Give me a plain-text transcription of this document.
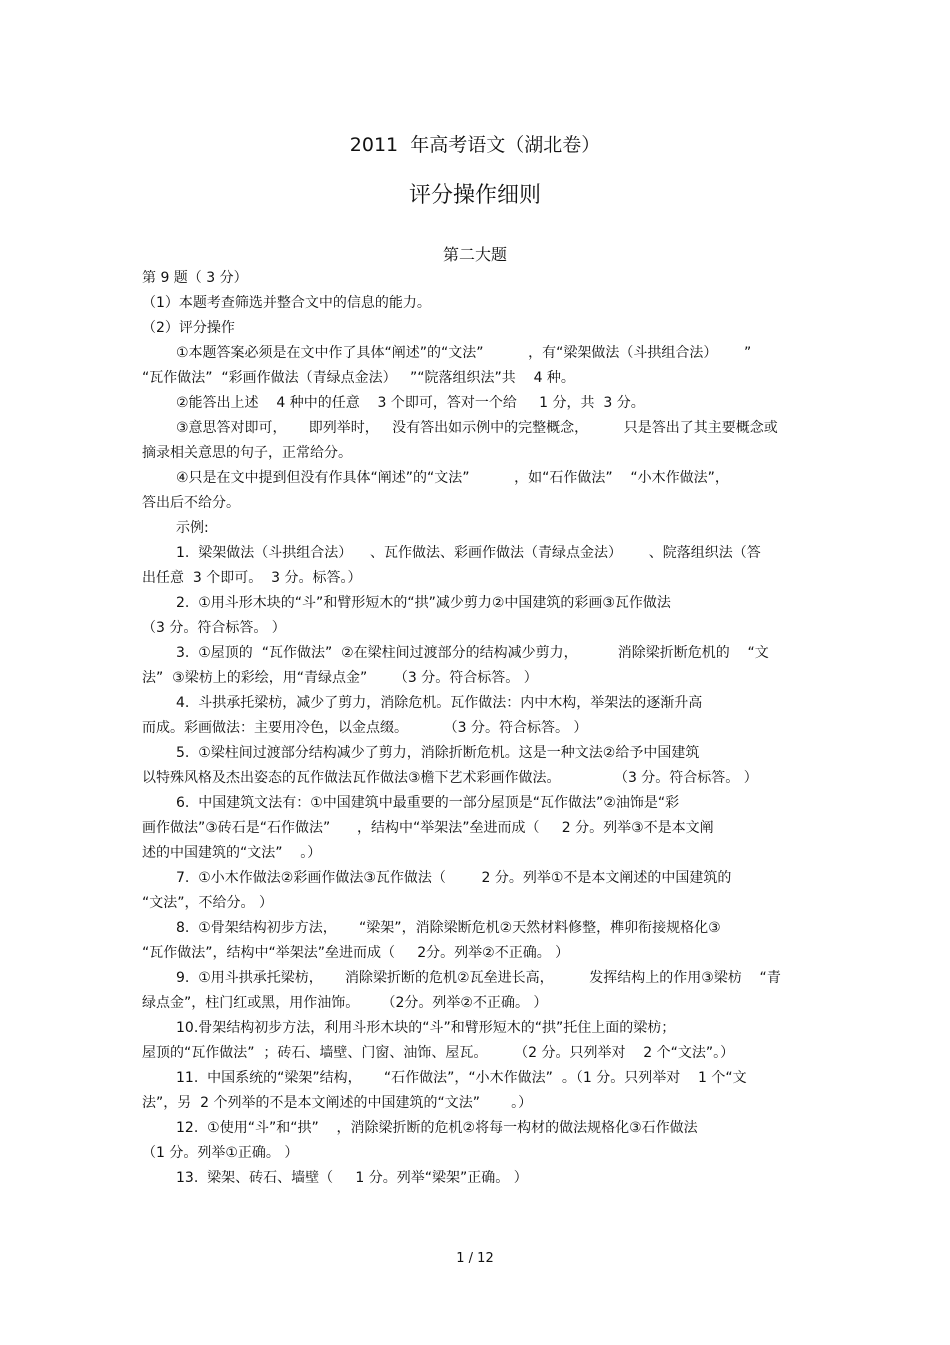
2011  年高考语文（湖北卷）
评分操作细则
第二大题
第 9 题（ 3 分）
（1）本题考查筛选并整合文中的信息的能力。
（2）评分操作
①本题答案必须是在文中作了具体“阐述”的“文法”          ，有“梁架做法（斗拱组合法）      ”
“瓦作做法”  “彩画作做法（青绿点金法）   ”“院落组织法”共    4 种。
②能答出上述    4 种中的任意    3 个即可，答对一个给     1 分，共  3 分。
③意思答对即可，     即列举时，   没有答出如示例中的完整概念，        只是答出了其主要概念或
摘录相关意思的句子，正常给分。
④只是在文中提到但没有作具体“阐述”的“文法”          ，如“石作做法”    “小木作做法”，
答出后不给分。
示例:
1.  梁架做法（斗拱组合法）    、瓦作做法、彩画作做法（青绿点金法）      、院落组织法（答
出任意  3 个即可。  3 分。标答。）
2.  ①用斗形木块的“斗”和臂形短木的“拱”减少剪力②中国建筑的彩画③瓦作做法
（3 分。符合标答。 ）
3.  ①屋顶的  “瓦作做法”  ②在梁柱间过渡部分的结构减少剪力，         消除梁折断危机的    “文
法”  ③梁枋上的彩绘，用“青绿点金”      （3 分。符合标答。 ）
4.  斗拱承托梁枋，减少了剪力，消除危机。瓦作做法：内中木构，举架法的逐渐升高
而成。彩画做法：主要用冷色，以金点缀。        （3 分。符合标答。 ）
5.  ①梁柱间过渡部分结构减少了剪力，消除折断危机。这是一种文法②给予中国建筑
以特殊风格及杰出姿态的瓦作做法瓦作做法③檐下艺术彩画作做法。            （3 分。符合标答。 ）
6.  中国建筑文法有：①中国建筑中最重要的一部分屋顶是“瓦作做法”②油饰是“彩
画作做法”③砖石是“石作做法”      ，结构中“举架法”垒进而成（     2 分。列举③不是本文阐
述的中国建筑的“文法”    。）
7.  ①小木作做法②彩画作做法③瓦作做法（        2 分。列举①不是本文阐述的中国建筑的
“文法”，不给分。 ）
8.  ①骨架结构初步方法，     “梁架”，消除梁断危机②天然材料修整，榫卯衔接规格化③
“瓦作做法”，结构中“举架法”垒进而成（     2分。列举②不正确。 ）
9.  ①用斗拱承托梁枋，     消除梁折断的危机②瓦垒进长高，        发挥结构上的作用③梁枋    “青
绿点金”，柱门红或黑，用作油饰。     （2分。列举②不正确。 ）
10.骨架结构初步方法，利用斗形木块的“斗”和臂形短木的“拱”托住上面的梁枋；
屋顶的“瓦作做法”  ；砖石、墙壁、门窗、油饰、屋瓦。      （2 分。只列举对    2 个“文法”。）
11.  中国系统的“梁架”结构，     “石作做法”，“小木作做法”  。（1 分。只列举对    1 个“文
法”，另  2 个列举的不是本文阐述的中国建筑的“文法”       。）
12.  ①使用“斗”和“拱”    ，消除梁折断的危机②将每一构材的做法规格化③石作做法
（1 分。列举①正确。 ）
13.  梁架、砖石、墙壁（     1 分。列举“梁架”正确。 ）
1 / 12
